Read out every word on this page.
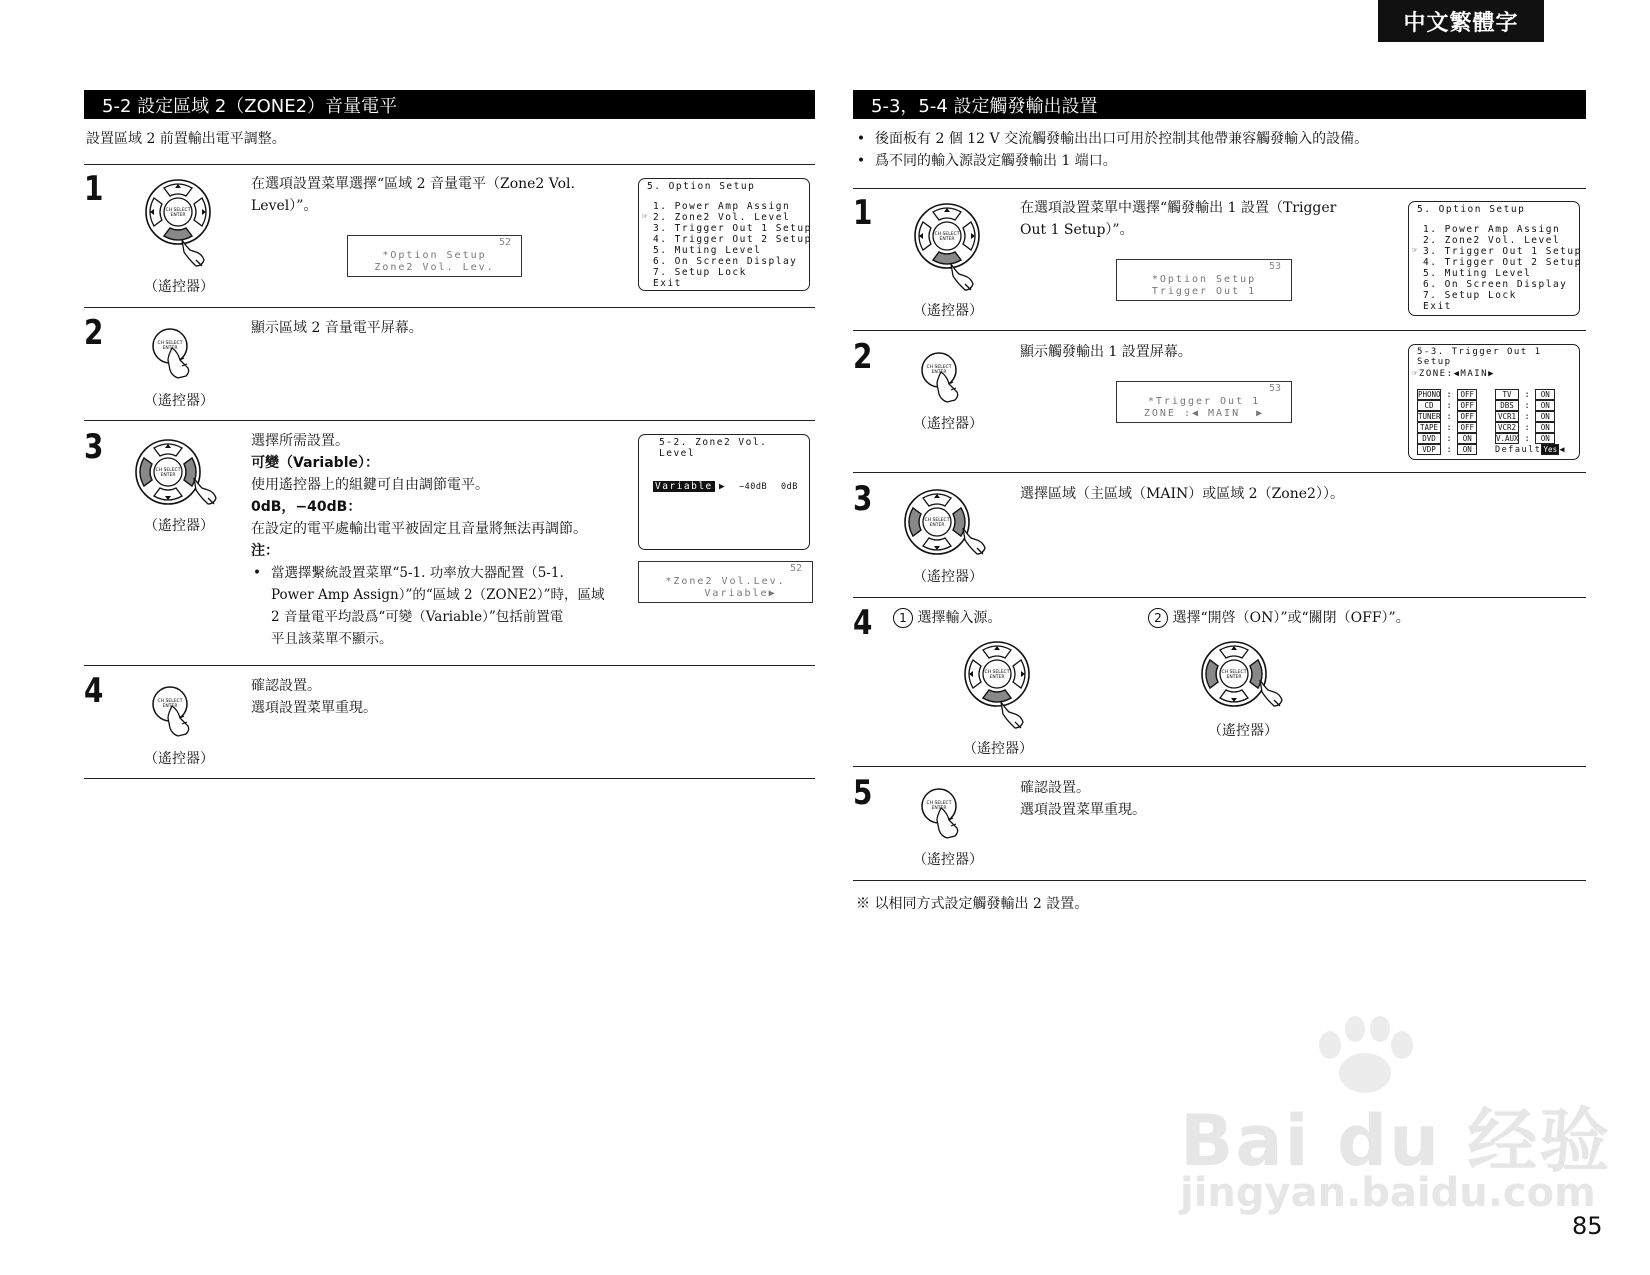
中文繁體字
5-2 設定區域 2（ZONE2）音量電平
設置區域 2 前置輸出電平調整。
1
（遙控器）
在選項設置菜單選擇“區域 2 音量電平（Zone2 Vol.
Level）”。
52
*Option Setup
Zone2 Vol. Lev.
5. Option Setup
☞
1. Power Amp Assign
2. Zone2 Vol. Level
3. Trigger Out 1 Setup
4. Trigger Out 2 Setup
5. Muting Level
6. On Screen Display
7. Setup Lock
Exit
2
（遙控器）
顯示區域 2 音量電平屏幕。
3
（遙控器）
選擇所需設置。
可變（Variable）：
使用遙控器上的組鍵可自由調節電平。
0dB，−40dB：
在設定的電平處輸出電平被固定且音量將無法再調節。
注：
• 當選擇繫統設置菜單“5-1. 功率放大器配置（5-1.
Power Amp Assign）”的“區域 2（ZONE2）”時，區域
2 音量電平均設爲“可變（Variable）”包括前置電
平且該菜單不顯示。
5-2. Zone2 Vol. Level
Variable ▶ −40dB 0dB
52
*Zone2 Vol.Lev.
Variable▶
4
（遙控器）
確認設置。
選項設置菜單重現。
5-3，5-4 設定觸發輸出設置
• 後面板有 2 個 12 V 交流觸發輸出出口可用於控制其他帶兼容觸發輸入的設備。
• 爲不同的輸入源設定觸發輸出 1 端口。
1
（遙控器）
在選項設置菜單中選擇“觸發輸出 1 設置（Trigger
Out 1 Setup）”。
53
*Option Setup
Trigger Out 1
5. Option Setup
☞
1. Power Amp Assign
2. Zone2 Vol. Level
3. Trigger Out 1 Setup
4. Trigger Out 2 Setup
5. Muting Level
6. On Screen Display
7. Setup Lock
Exit
2
（遙控器）
顯示觸發輸出 1 設置屏幕。
53
*Trigger Out 1
ZONE :◀ MAIN  ▶
5-3. Trigger Out 1 Setup
☞ZONE:◀MAIN▶
PHONO : OFF
CD : OFF
TUNER : OFF
TAPE : OFF
DVD : ON
VDP : ON
TV : ON
DBS : ON
VCR1 : ON
VCR2 : ON
V.AUX : ON
Default Yes ◀
3
（遙控器）
選擇區域（主區域（MAIN）或區域 2（Zone2））。
4	1 選擇輸入源。	2 選擇“開啓（ON）”或“關閉（OFF）”。
（遙控器）
（遙控器）
5
（遙控器）
確認設置。
選項設置菜單重現。
※ 以相同方式設定觸發輸出 2 設置。
Bai du 经验
jingyan.baidu.com
85
